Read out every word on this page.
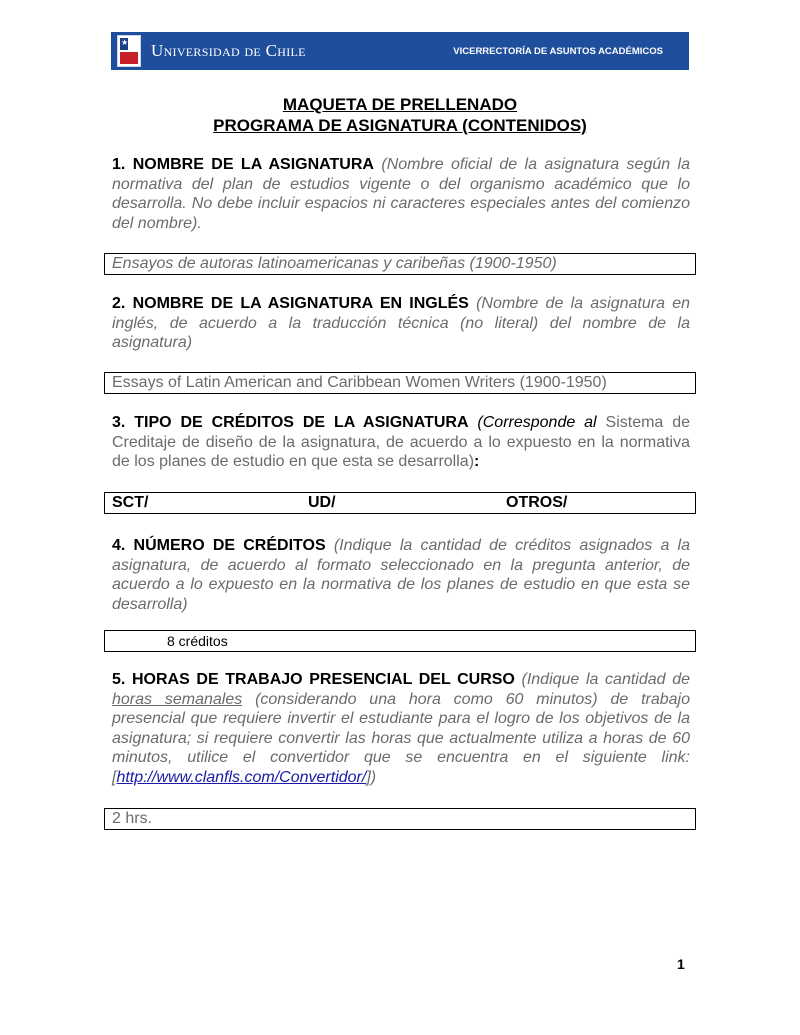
★ Universidad de Chile	VICERRECTORÍA DE ASUNTOS ACADÉMICOS
MAQUETA DE PRELLENADO
PROGRAMA DE ASIGNATURA (CONTENIDOS)
1. NOMBRE DE LA ASIGNATURA (Nombre oficial de la asignatura según la normativa del plan de estudios vigente o del organismo académico que lo desarrolla. No debe incluir espacios ni caracteres especiales antes del comienzo del nombre).
Ensayos de autoras latinoamericanas y caribeñas (1900-1950)
2. NOMBRE DE LA ASIGNATURA EN INGLÉS (Nombre de la asignatura en inglés, de acuerdo a la traducción técnica (no literal) del nombre de la asignatura)
Essays of Latin American and Caribbean Women Writers (1900-1950)
3. TIPO DE CRÉDITOS DE LA ASIGNATURA (Corresponde al Sistema de Creditaje de diseño de la asignatura, de acuerdo a lo expuesto en la normativa de los planes de estudio en que esta se desarrolla):
SCT/	UD/	OTROS/
4. NÚMERO DE CRÉDITOS (Indique la cantidad de créditos asignados a la asignatura, de acuerdo al formato seleccionado en la pregunta anterior, de acuerdo a lo expuesto en la normativa de los planes de estudio en que esta se desarrolla)
8 créditos
5. HORAS DE TRABAJO PRESENCIAL DEL CURSO (Indique la cantidad de horas semanales (considerando una hora como 60 minutos) de trabajo presencial que requiere invertir el estudiante para el logro de los objetivos de la asignatura; si requiere convertir las horas que actualmente utiliza a horas de 60 minutos, utilice el convertidor que se encuentra en el siguiente link: [http://www.clanfls.com/Convertidor/])
2 hrs.
1
